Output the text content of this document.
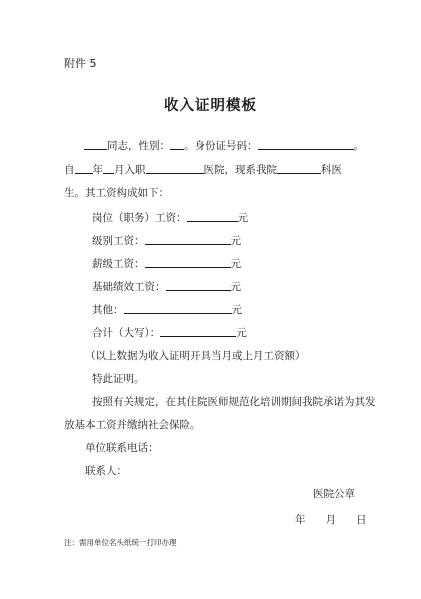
附件 5
收入证明模板
同志，性别： 。身份证号码：	。
自 年 月入职	医院，现系我院	科医
生。其工资构成如下：
岗位（职务）工资：	元
级别工资：	元
薪级工资：	元
基础绩效工资：	元
其他：	元
合计（大写）：	元
（以上数据为收入证明开具当月或上月工资额）
特此证明。
按照有关规定，在其住院医师规范化培训期间我院承诺为其发
放基本工资并缴纳社会保险。
单位联系电话：
联系人：
医院公章
年 月 日
注：需用单位名头纸统一打印办理
